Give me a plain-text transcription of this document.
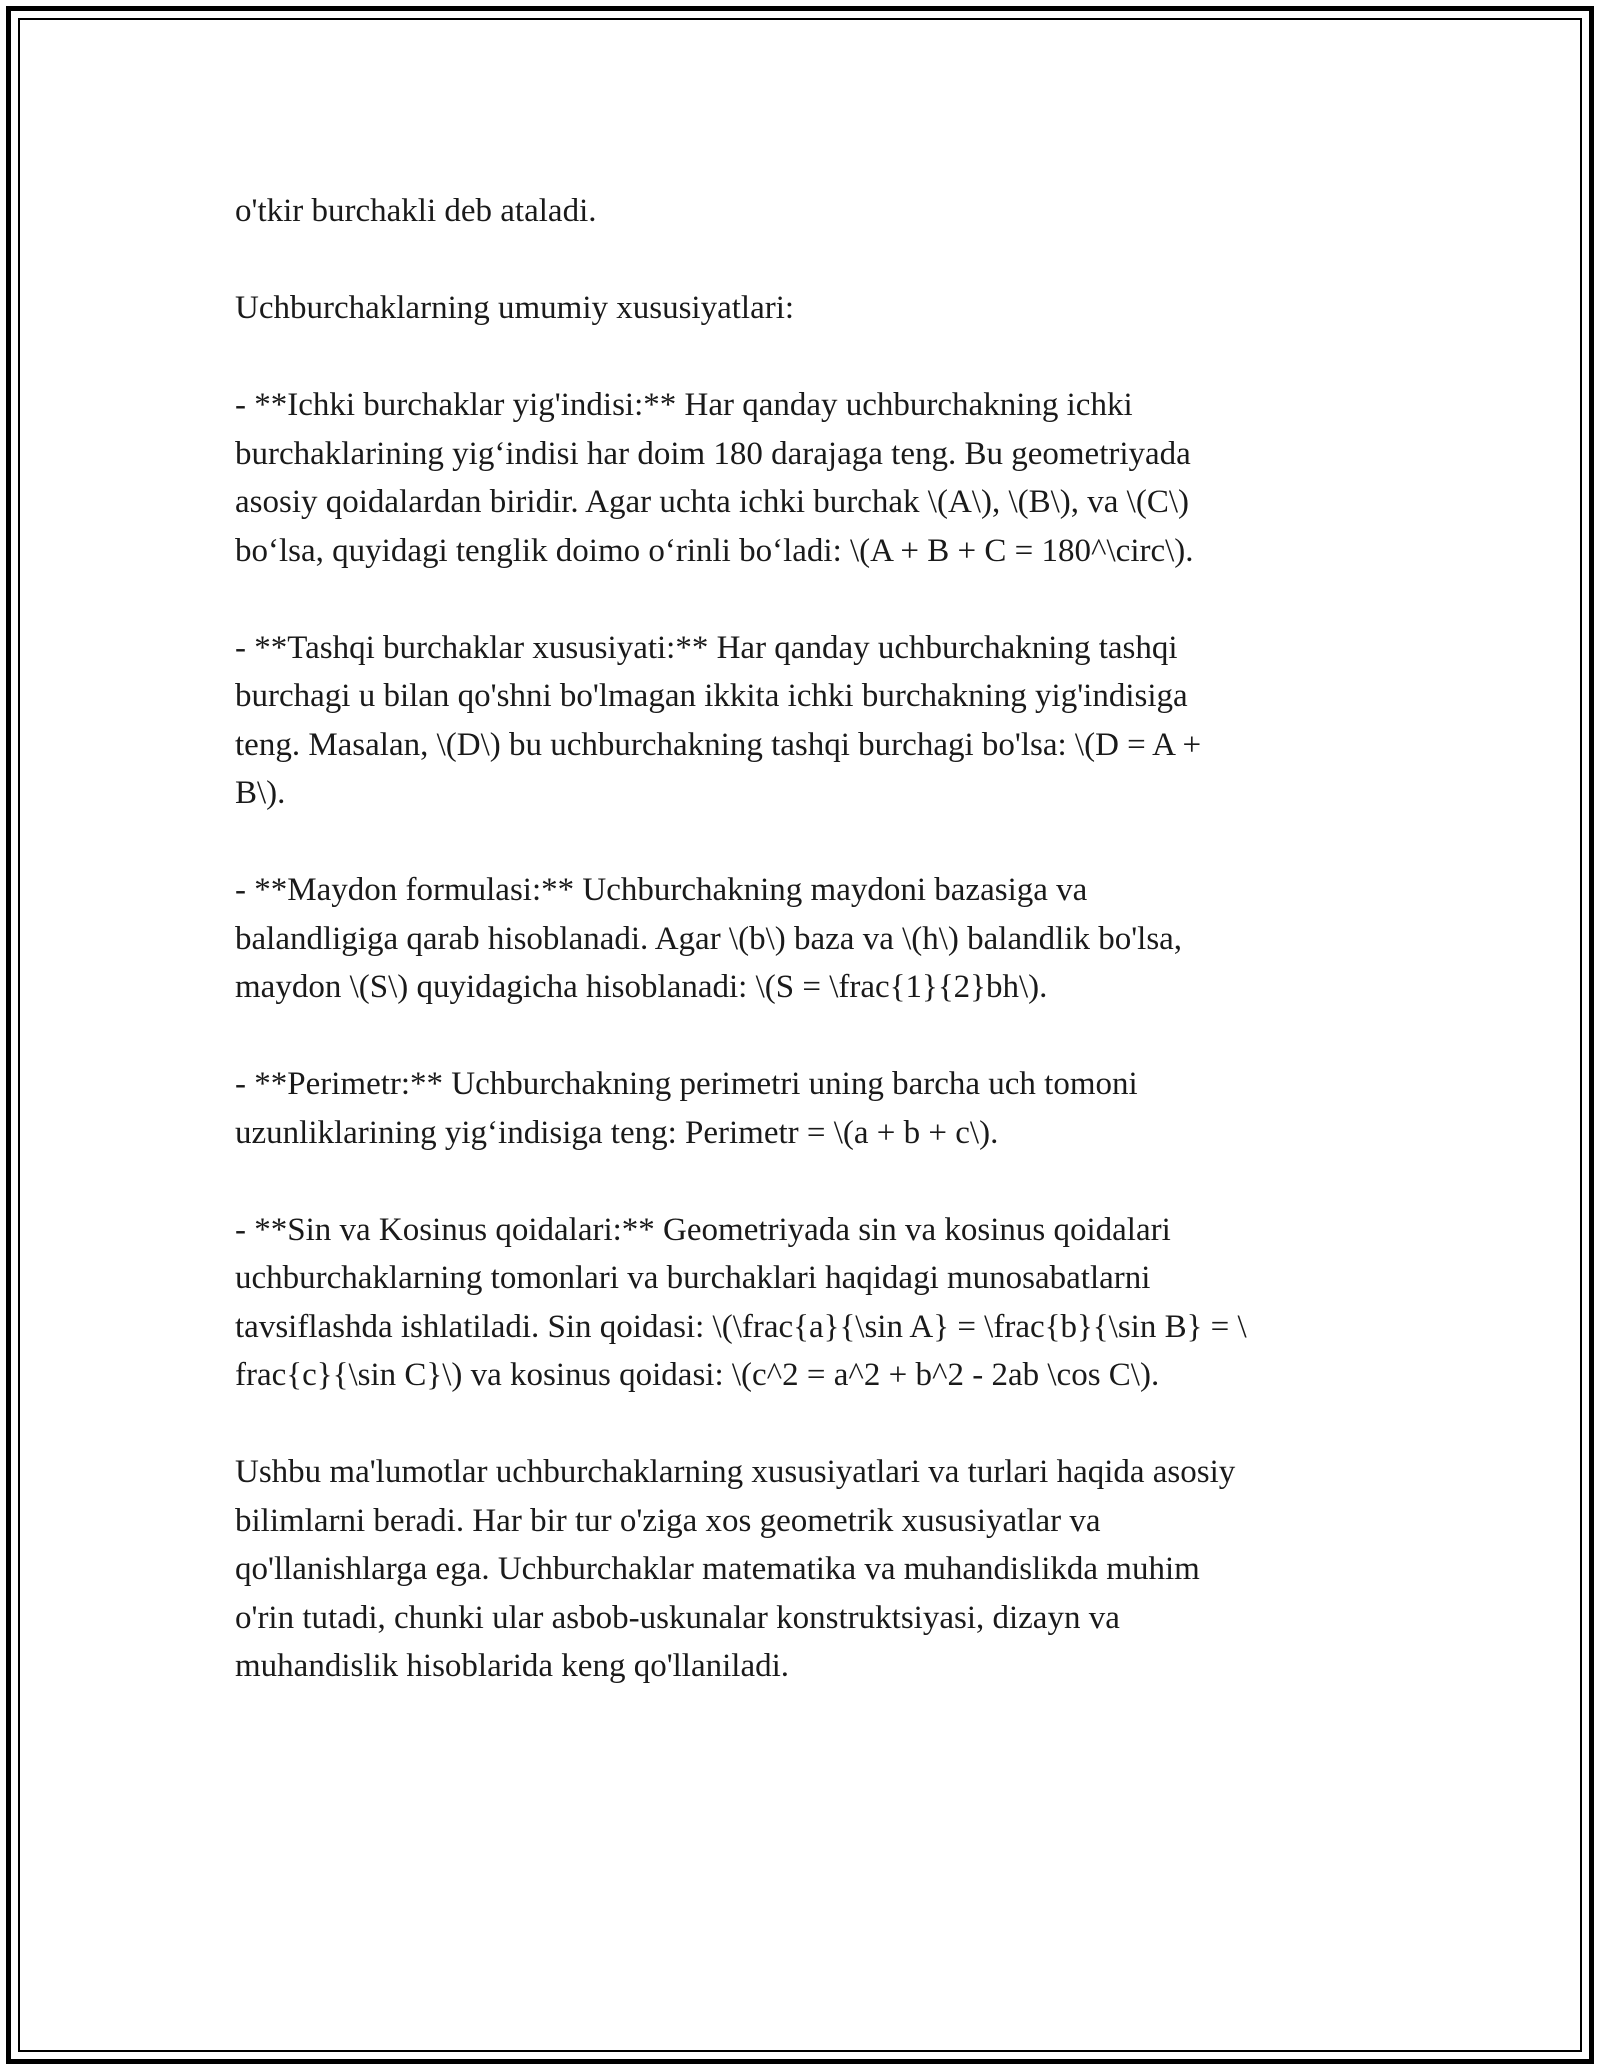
o'tkir burchakli deb ataladi.

Uchburchaklarning umumiy xususiyatlari:

- **Ichki burchaklar yig'indisi:** Har qanday uchburchakning ichki
burchaklarining yig‘indisi har doim 180 darajaga teng. Bu geometriyada
asosiy qoidalardan biridir. Agar uchta ichki burchak \(A\), \(B\), va \(C\)
bo‘lsa, quyidagi tenglik doimo o‘rinli bo‘ladi: \(A + B + C = 180^\circ\).

- **Tashqi burchaklar xususiyati:** Har qanday uchburchakning tashqi
burchagi u bilan qo'shni bo'lmagan ikkita ichki burchakning yig'indisiga
teng. Masalan, \(D\) bu uchburchakning tashqi burchagi bo'lsa: \(D = A +
B\).

- **Maydon formulasi:** Uchburchakning maydoni bazasiga va
balandligiga qarab hisoblanadi. Agar \(b\) baza va \(h\) balandlik bo'lsa,
maydon \(S\) quyidagicha hisoblanadi: \(S = \frac{1}{2}bh\).

- **Perimetr:** Uchburchakning perimetri uning barcha uch tomoni
uzunliklarining yig‘indisiga teng: Perimetr = \(a + b + c\).

- **Sin va Kosinus qoidalari:** Geometriyada sin va kosinus qoidalari
uchburchaklarning tomonlari va burchaklari haqidagi munosabatlarni
tavsiflashda ishlatiladi. Sin qoidasi: \(\frac{a}{\sin A} = \frac{b}{\sin B} = \
frac{c}{\sin C}\) va kosinus qoidasi: \(c^2 = a^2 + b^2 - 2ab \cos C\).

Ushbu ma'lumotlar uchburchaklarning xususiyatlari va turlari haqida asosiy
bilimlarni beradi. Har bir tur o'ziga xos geometrik xususiyatlar va
qo'llanishlarga ega. Uchburchaklar matematika va muhandislikda muhim
o'rin tutadi, chunki ular asbob-uskunalar konstruktsiyasi, dizayn va
muhandislik hisoblarida keng qo'llaniladi.
